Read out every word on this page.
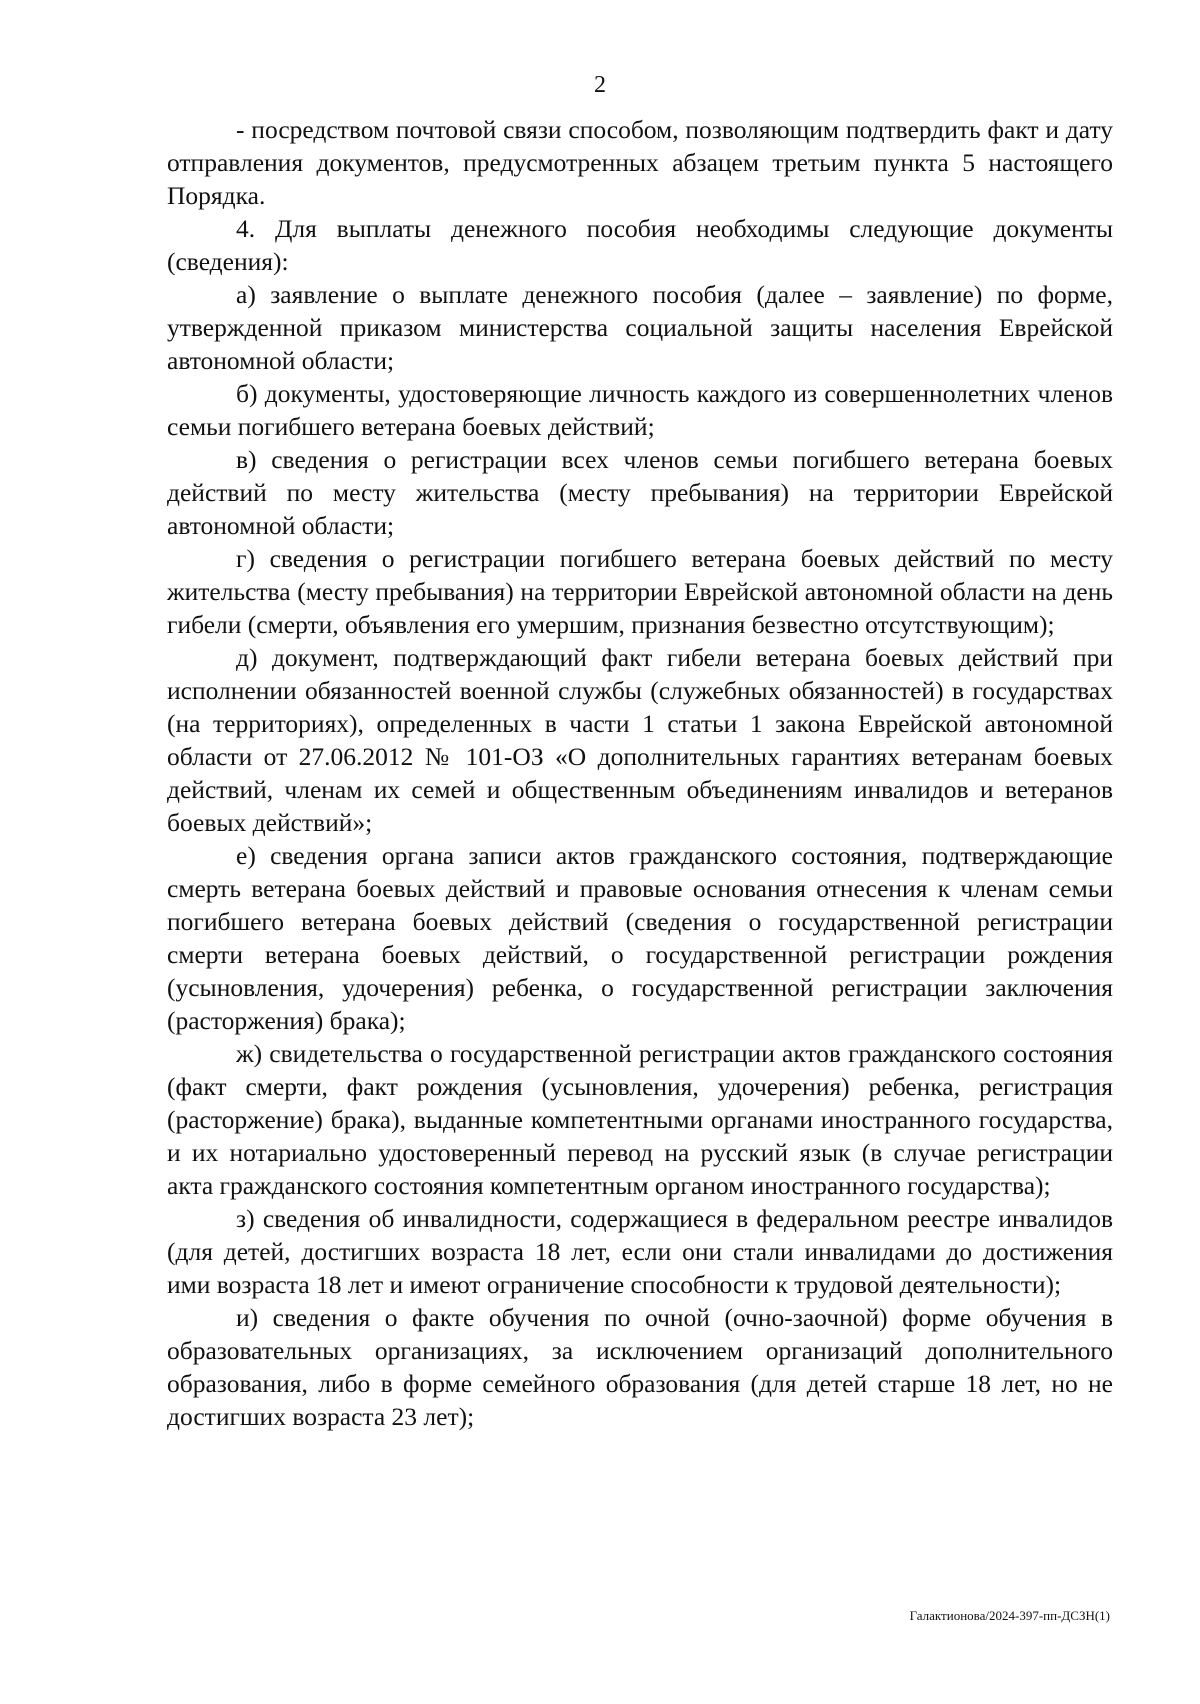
2

- посредством почтовой связи способом, позволяющим подтвердить факт и дату отправления документов, предусмотренных абзацем третьим пункта 5 настоящего Порядка.

4. Для выплаты денежного пособия необходимы следующие документы (сведения):

а) заявление о выплате денежного пособия (далее – заявление) по форме, утвержденной приказом министерства социальной защиты населения Еврейской автономной области;

б) документы, удостоверяющие личность каждого из совершеннолетних членов семьи погибшего ветерана боевых действий;

в) сведения о регистрации всех членов семьи погибшего ветерана боевых действий по месту жительства (месту пребывания) на территории Еврейской автономной области;

г) сведения о регистрации погибшего ветерана боевых действий по месту жительства (месту пребывания) на территории Еврейской автономной области на день гибели (смерти, объявления его умершим, признания безвестно отсутствующим);

д) документ, подтверждающий факт гибели ветерана боевых действий при исполнении обязанностей военной службы (служебных обязанностей) в государствах (на территориях), определенных в части 1 статьи 1 закона Еврейской автономной области от 27.06.2012 № 101-ОЗ «О дополнительных гарантиях ветеранам боевых действий, членам их семей и общественным объединениям инвалидов и ветеранов боевых действий»;

е) сведения органа записи актов гражданского состояния, подтверждающие смерть ветерана боевых действий и правовые основания отнесения к членам семьи погибшего ветерана боевых действий (сведения о государственной регистрации смерти ветерана боевых действий, о государственной регистрации рождения (усыновления, удочерения) ребенка, о государственной регистрации заключения (расторжения) брака);

ж) свидетельства о государственной регистрации актов гражданского состояния (факт смерти, факт рождения (усыновления, удочерения) ребенка, регистрация (расторжение) брака), выданные компетентными органами иностранного государства, и их нотариально удостоверенный перевод на русский язык (в случае регистрации акта гражданского состояния компетентным органом иностранного государства);

з) сведения об инвалидности, содержащиеся в федеральном реестре инвалидов (для детей, достигших возраста 18 лет, если они стали инвалидами до достижения ими возраста 18 лет и имеют ограничение способности к трудовой деятельности);

и) сведения о факте обучения по очной (очно-заочной) форме обучения в образовательных организациях, за исключением организаций дополнительного образования, либо в форме семейного образования (для детей старше 18 лет, но не достигших возраста 23 лет);

Галактионова/2024-397-пп-ДСЗН(1)
